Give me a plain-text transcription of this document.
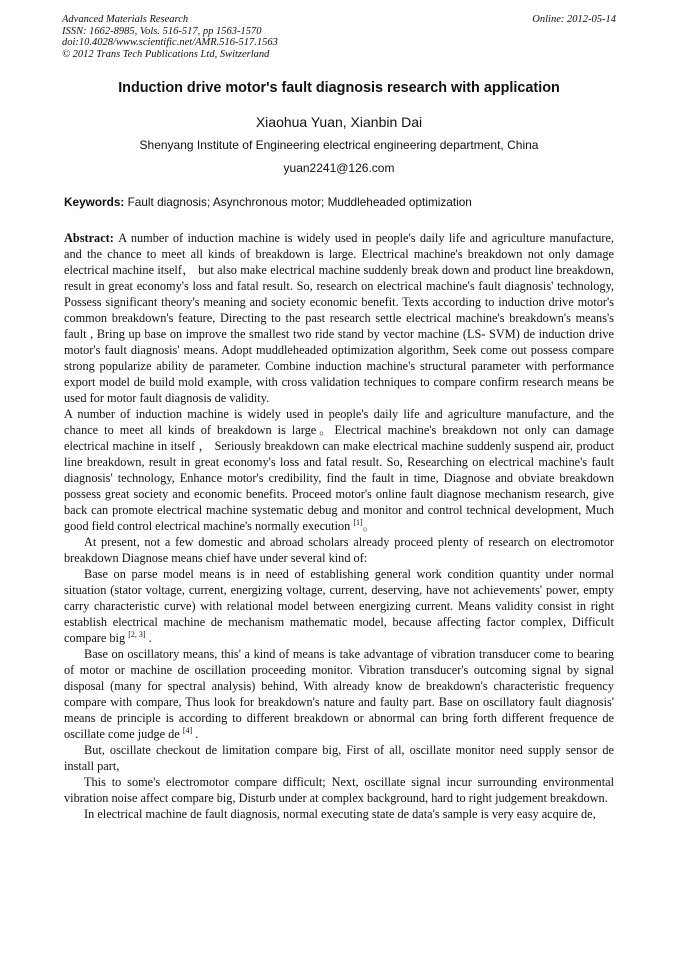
Advanced Materials Research
ISSN: 1662-8985, Vols. 516-517, pp 1563-1570
doi:10.4028/www.scientific.net/AMR.516-517.1563
© 2012 Trans Tech Publications Ltd, Switzerland
Online: 2012-05-14
Induction drive motor's fault diagnosis research with application
Xiaohua Yuan, Xianbin Dai
Shenyang Institute of Engineering electrical engineering department, China
yuan2241@126.com
Keywords: Fault diagnosis; Asynchronous motor; Muddleheaded optimization

Abstract: A number of induction machine is widely used in people's daily life and agriculture manufacture, and the chance to meet all kinds of breakdown is large. Electrical machine's breakdown not only damage electrical machine itself， but also make electrical machine suddenly break down and product line breakdown, result in great economy's loss and fatal result. So, research on electrical machine's fault diagnosis' technology, Possess significant theory's meaning and society economic benefit. Texts according to induction drive motor's common breakdown's feature, Directing to the past research settle electrical machine's breakdown's means's fault , Bring up base on improve the smallest two ride stand by vector machine (LS- SVM) de induction drive motor's fault diagnosis' means. Adopt muddleheaded optimization algorithm, Seek come out possess compare strong popularize ability de parameter. Combine induction machine's structural parameter with performance export model de build mold example, with cross validation techniques to compare confirm research means be used for motor fault diagnosis de validity.

A number of induction machine is widely used in people's daily life and agriculture manufacture, and the chance to meet all kinds of breakdown is large。Electrical machine's breakdown not only can damage electrical machine in itself ， Seriously breakdown can make electrical machine suddenly suspend air, product line breakdown, result in great economy's loss and fatal result. So, Researching on electrical machine's fault diagnosis' technology, Enhance motor's credibility, find the fault in time, Diagnose and obviate breakdown possess great society and economic benefits. Proceed motor's online fault diagnose mechanism research, give back can promote electrical machine systematic debug and monitor and control technical development, Much good field control electrical machine's normally execution [1]。

At present, not a few domestic and abroad scholars already proceed plenty of research on electromotor breakdown Diagnose means chief have under several kind of:

Base on parse model means is in need of establishing general work condition quantity under normal situation (stator voltage, current, energizing voltage, current, deserving, have not achievements' power, empty carry characteristic curve) with relational model between energizing current. Means validity consist in right establish electrical machine de mechanism mathematic model, because affecting factor complex, Difficult compare big [2, 3] .

Base on oscillatory means, this' a kind of means is take advantage of vibration transducer come to bearing of motor or machine de oscillation proceeding monitor. Vibration transducer's outcoming signal by signal disposal (many for spectral analysis) behind, With already know de breakdown's characteristic frequency compare with compare, Thus look for breakdown's nature and faulty part. Base on oscillatory fault diagnosis' means de principle is according to different breakdown or abnormal can bring forth different frequence de oscillate come judge de [4] .

But, oscillate checkout de limitation compare big, First of all, oscillate monitor need supply sensor de install part,

This to some's electromotor compare difficult; Next, oscillate signal incur surrounding environmental vibration noise affect compare big, Disturb under at complex background, hard to right judgement breakdown.

In electrical machine de fault diagnosis, normal executing state de data's sample is very easy acquire de,
